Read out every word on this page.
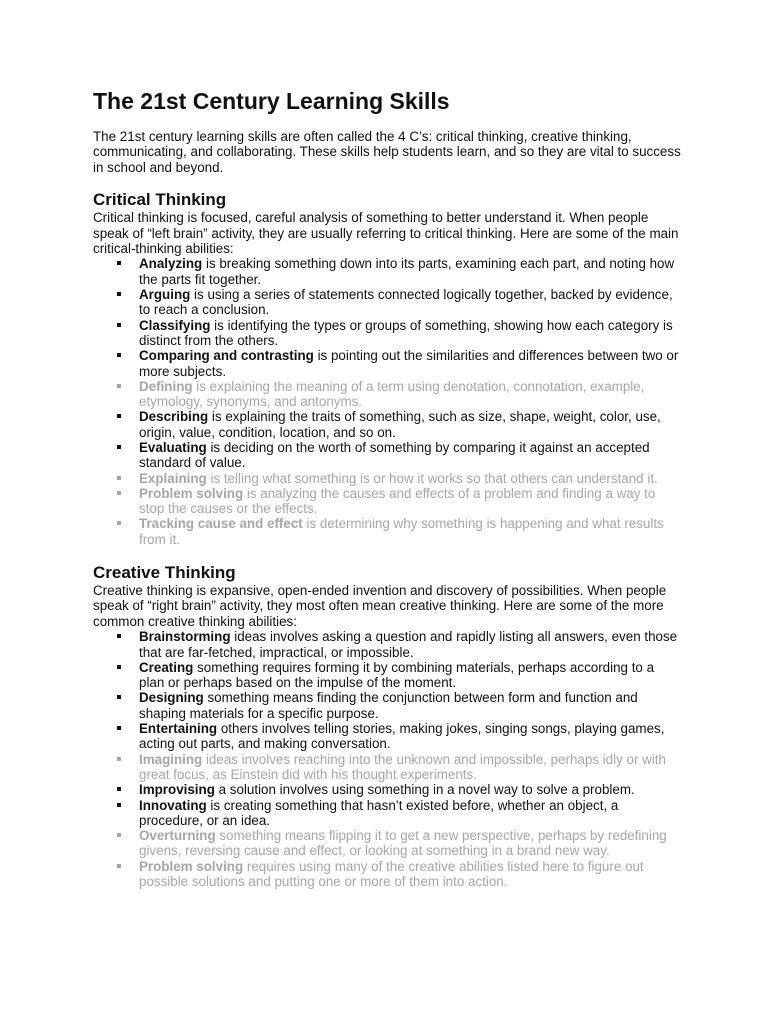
The 21st Century Learning Skills

The 21st century learning skills are often called the 4 C’s: critical thinking, creative thinking, communicating, and collaborating. These skills help students learn, and so they are vital to success in school and beyond.

Critical Thinking

Critical thinking is focused, careful analysis of something to better understand it. When people speak of “left brain” activity, they are usually referring to critical thinking. Here are some of the main critical-thinking abilities:

Analyzing is breaking something down into its parts, examining each part, and noting how the parts fit together.
Arguing is using a series of statements connected logically together, backed by evidence, to reach a conclusion.
Classifying is identifying the types or groups of something, showing how each category is distinct from the others.
Comparing and contrasting is pointing out the similarities and differences between two or more subjects.
Defining is explaining the meaning of a term using denotation, connotation, example, etymology, synonyms, and antonyms.
Describing is explaining the traits of something, such as size, shape, weight, color, use, origin, value, condition, location, and so on.
Evaluating is deciding on the worth of something by comparing it against an accepted standard of value.
Explaining is telling what something is or how it works so that others can understand it.
Problem solving is analyzing the causes and effects of a problem and finding a way to stop the causes or the effects.
Tracking cause and effect is determining why something is happening and what results from it.
Creative Thinking

Creative thinking is expansive, open-ended invention and discovery of possibilities. When people speak of “right brain” activity, they most often mean creative thinking. Here are some of the more common creative thinking abilities:

Brainstorming ideas involves asking a question and rapidly listing all answers, even those that are far-fetched, impractical, or impossible.
Creating something requires forming it by combining materials, perhaps according to a plan or perhaps based on the impulse of the moment.
Designing something means finding the conjunction between form and function and shaping materials for a specific purpose.
Entertaining others involves telling stories, making jokes, singing songs, playing games, acting out parts, and making conversation.
Imagining ideas involves reaching into the unknown and impossible, perhaps idly or with great focus, as Einstein did with his thought experiments.
Improvising a solution involves using something in a novel way to solve a problem.
Innovating is creating something that hasn’t existed before, whether an object, a procedure, or an idea.
Overturning something means flipping it to get a new perspective, perhaps by redefining givens, reversing cause and effect, or looking at something in a brand new way.
Problem solving requires using many of the creative abilities listed here to figure out possible solutions and putting one or more of them into action.
